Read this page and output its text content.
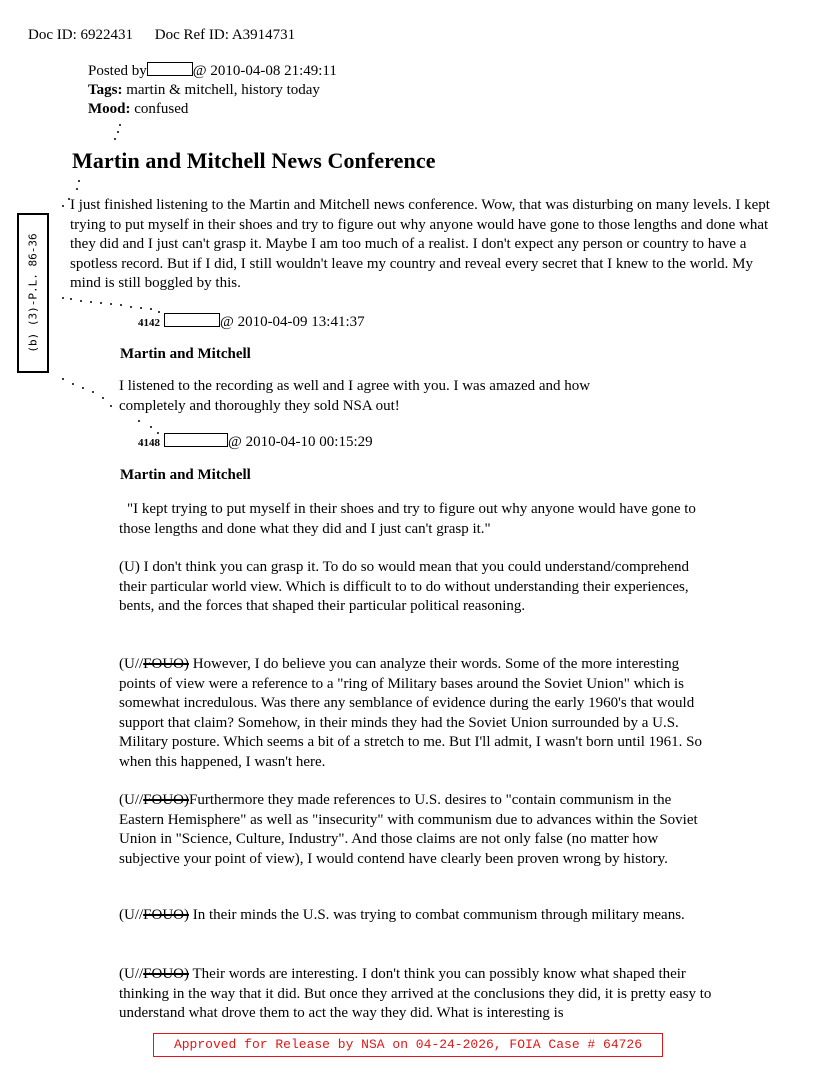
Doc ID: 6922431 Doc Ref ID: A3914731
Posted by	@ 2010-04-08 21:49:11
Tags: martin & mitchell, history today
Mood: confused
Martin and Mitchell News Conference
I just finished listening to the Martin and Mitchell news conference. Wow, that was disturbing on many levels. I kept trying to put myself in their shoes and try to figure out why anyone would have gone to those lengths and done what they did and I just can't grasp it. Maybe I am too much of a realist. I don't expect any person or country to have a spotless record. But if I did, I still wouldn't leave my country and reveal every secret that I knew to the world. My mind is still boggled by this.
(b) (3)-P.L. 86-36	4142	@ 2010-04-09 13:41:37
Martin and Mitchell
I listened to the recording as well and I agree with you. I was amazed and how completely and thoroughly they sold NSA out!
4148	@ 2010-04-10 00:15:29
Martin and Mitchell
"I kept trying to put myself in their shoes and try to figure out why anyone would have gone to those lengths and done what they did and I just can't grasp it."
(U) I don't think you can grasp it. To do so would mean that you could understand/comprehend their particular world view. Which is difficult to to do without understanding their experiences, bents, and the forces that shaped their particular political reasoning.
(U//FOUO) However, I do believe you can analyze their words. Some of the more interesting points of view were a reference to a "ring of Military bases around the Soviet Union" which is somewhat incredulous. Was there any semblance of evidence during the early 1960's that would support that claim? Somehow, in their minds they had the Soviet Union surrounded by a U.S. Military posture. Which seems a bit of a stretch to me. But I'll admit, I wasn't born until 1961. So when this happened, I wasn't here.
(U//FOUO)Furthermore they made references to U.S. desires to "contain communism in the Eastern Hemisphere" as well as "insecurity" with communism due to advances within the Soviet Union in "Science, Culture, Industry". And those claims are not only false (no matter how subjective your point of view), I would contend have clearly been proven wrong by history.
(U//FOUO) In their minds the U.S. was trying to combat communism through military means.
(U//FOUO) Their words are interesting. I don't think you can possibly know what shaped their thinking in the way that it did. But once they arrived at the conclusions they did, it is pretty easy to understand what drove them to act the way they did. What is interesting is
Approved for Release by NSA on 04-24-2026, FOIA Case # 64726
